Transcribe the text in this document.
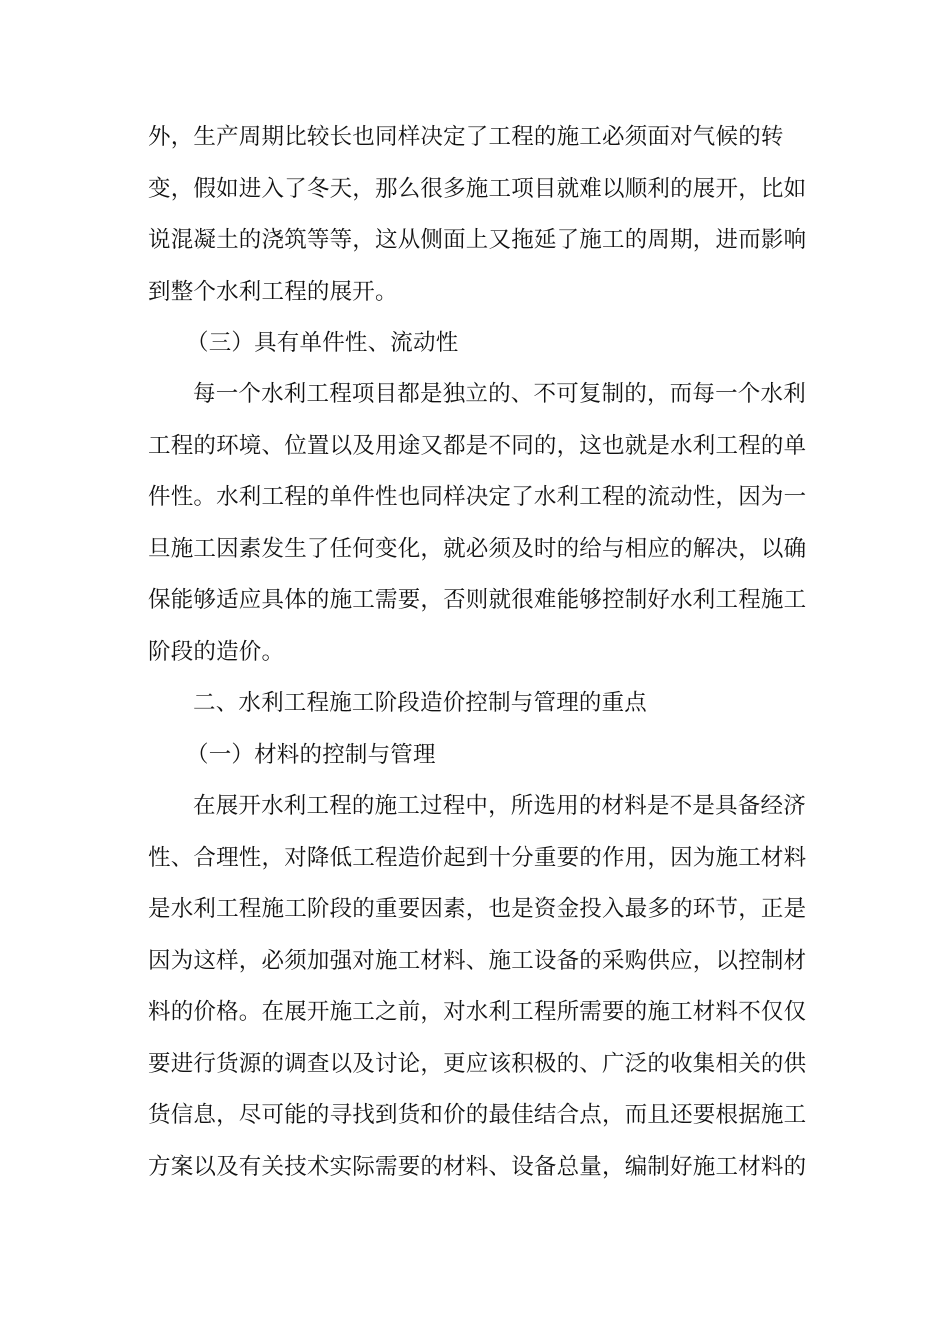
外，生产周期比较长也同样决定了工程的施工必须面对气候的转
变，假如进入了冬天，那么很多施工项目就难以顺利的展开，比如
说混凝土的浇筑等等，这从侧面上又拖延了施工的周期，进而影响
到整个水利工程的展开。
（三）具有单件性、流动性
每一个水利工程项目都是独立的、不可复制的，而每一个水利
工程的环境、位置以及用途又都是不同的，这也就是水利工程的单
件性。水利工程的单件性也同样决定了水利工程的流动性，因为一
旦施工因素发生了任何变化，就必须及时的给与相应的解决，以确
保能够适应具体的施工需要，否则就很难能够控制好水利工程施工
阶段的造价。
二、水利工程施工阶段造价控制与管理的重点
（一）材料的控制与管理
在展开水利工程的施工过程中，所选用的材料是不是具备经济
性、合理性，对降低工程造价起到十分重要的作用，因为施工材料
是水利工程施工阶段的重要因素，也是资金投入最多的环节，正是
因为这样，必须加强对施工材料、施工设备的采购供应，以控制材
料的价格。在展开施工之前，对水利工程所需要的施工材料不仅仅
要进行货源的调查以及讨论，更应该积极的、广泛的收集相关的供
货信息，尽可能的寻找到货和价的最佳结合点，而且还要根据施工
方案以及有关技术实际需要的材料、设备总量，编制好施工材料的
